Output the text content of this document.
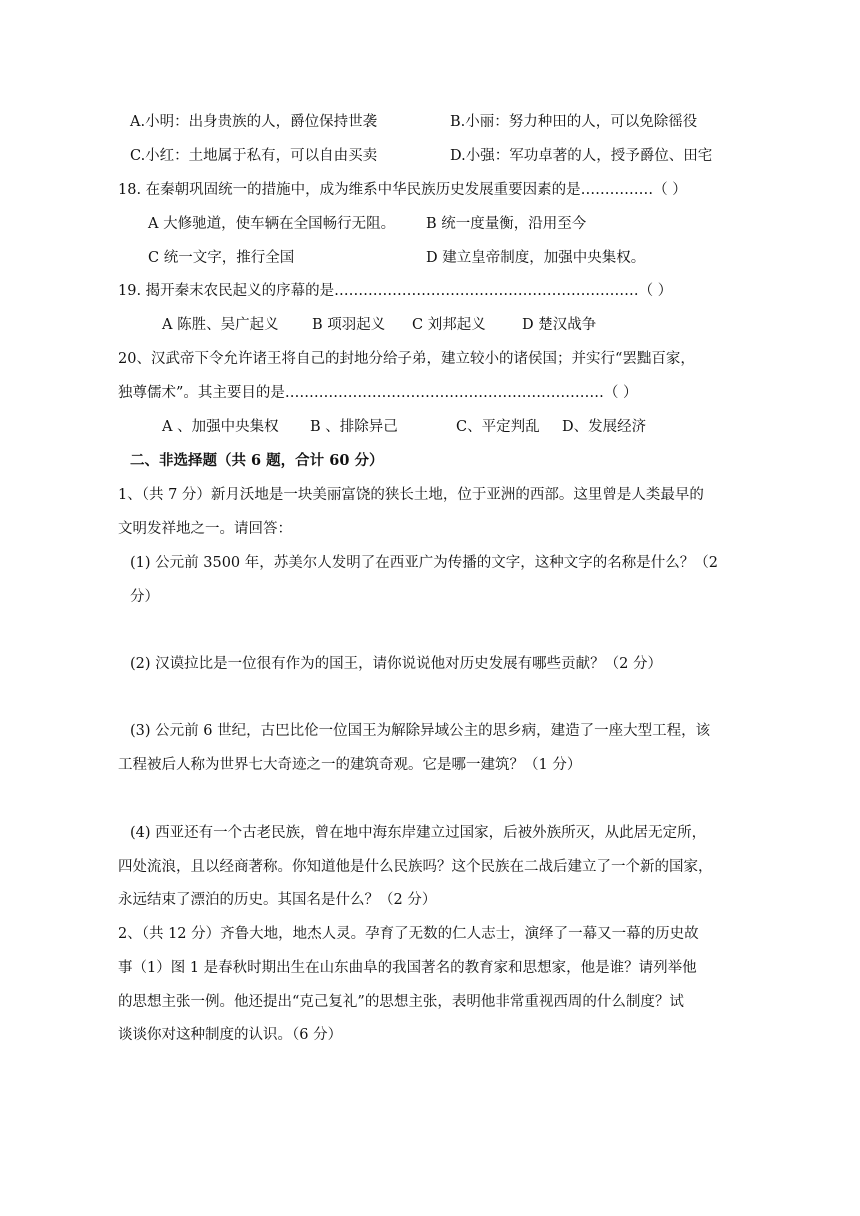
A.小明：出身贵族的人，爵位保持世袭	B.小丽：努力种田的人，可以免除徭役
C.小红：土地属于私有，可以自由买卖	D.小强：军功卓著的人，授予爵位、田宅
18. 在秦朝巩固统一的措施中，成为维系中华民族历史发展重要因素的是……………（ ）
A 大修驰道，使车辆在全国畅行无阻。 B 统一度量衡，沿用至今
C 统一文字，推行全国	D 建立皇帝制度，加强中央集权。
19. 揭开秦末农民起义的序幕的是………………………………………………………（ ）
A 陈胜、吴广起义 B 项羽起义 C 刘邦起义	D 楚汉战争
20、汉武帝下令允许诸王将自己的封地分给子弟，建立较小的诸侯国；并实行“罢黜百家，
独尊儒术”。其主要目的是…………………………………………………………（ ）
A 、加强中央集权 B 、排除异己	C、平定判乱 D、发展经济
二、非选择题（共 6 题，合计 60 分）
1、（共 7 分）新月沃地是一块美丽富饶的狭长土地，位于亚洲的西部。这里曾是人类最早的
文明发祥地之一。请回答：
(1) 公元前 3500 年，苏美尔人发明了在西亚广为传播的文字，这种文字的名称是什么？（2
分）
(2) 汉谟拉比是一位很有作为的国王，请你说说他对历史发展有哪些贡献？（2 分）
(3) 公元前 6 世纪，古巴比伦一位国王为解除异域公主的思乡病，建造了一座大型工程，该
工程被后人称为世界七大奇迹之一的建筑奇观。它是哪一建筑？（1 分）
(4) 西亚还有一个古老民族，曾在地中海东岸建立过国家，后被外族所灭，从此居无定所，
四处流浪，且以经商著称。你知道他是什么民族吗？这个民族在二战后建立了一个新的国家，
永远结束了漂泊的历史。其国名是什么？（2 分）
2、（共 12 分）齐鲁大地，地杰人灵。孕育了无数的仁人志士，演绎了一幕又一幕的历史故
事（1）图 1 是春秋时期出生在山东曲阜的我国著名的教育家和思想家，他是谁？请列举他
的思想主张一例。他还提出“克己复礼”的思想主张，表明他非常重视西周的什么制度？试
谈谈你对这种制度的认识。（6 分）
